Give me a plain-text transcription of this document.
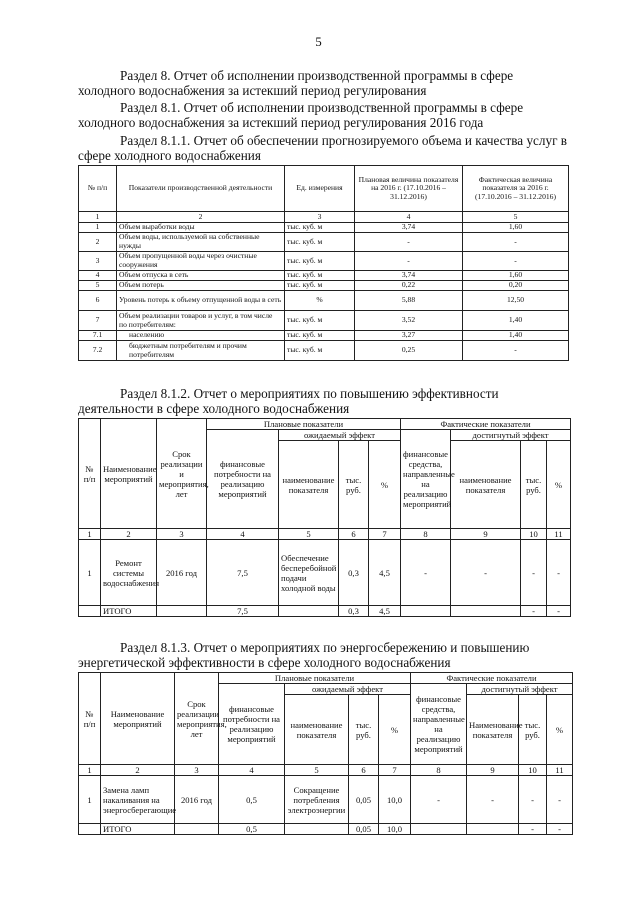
5
Раздел 8. Отчет об исполнении производственной программы в сфере холодного водоснабжения за истекший период регулирования
Раздел 8.1. Отчет об исполнении производственной программы в сфере холодного водоснабжения за истекший период регулирования 2016 года
Раздел 8.1.1. Отчет об обеспечении прогнозируемого объема и качества услуг в сфере холодного водоснабжения
№ п/п	Показатели производственной деятельности	Ед. измерения	Плановая величина показателя на 2016 г. (17.10.2016 – 31.12.2016)	Фактическая величина показателя за 2016 г. (17.10.2016 – 31.12.2016)
1	2	3	4	5
1	Объем выработки воды	тыс. куб. м	3,74	1,60
2	Объем воды, используемой на собственные нужды	тыс. куб. м	-	-
3	Объем пропущенной воды через очистные сооружения	тыс. куб. м	-	-
4	Объем отпуска в сеть	тыс. куб. м	3,74	1,60
5	Объем потерь	тыс. куб. м	0,22	0,20
6	Уровень потерь к объему отпущенной воды в сеть	%	5,88	12,50
7	Объем реализации товаров и услуг, в том числе по потребителям:	тыс. куб. м	3,52	1,40
7.1	населению	тыс. куб. м	3,27	1,40
7.2	бюджетным потребителям и прочим потребителям	тыс. куб. м	0,25	-
Раздел 8.1.2. Отчет о мероприятиях по повышению эффективности деятельности в сфере холодного водоснабжения
№ п/п	Наименование мероприятий	Срок реализации и мероприятия, лет	Плановые показатели				Фактические показатели			
			финансовые потребности на реализацию мероприятий	ожидаемый эффект			финансовые средства, направленные на реализацию мероприятий	достигнутый эффект		
				наименование показателя	тыс. руб.	%		наименование показателя	тыс. руб.	%
1	2	3	4	5	6	7	8	9	10	11
1	Ремонт системы водоснабжения	2016 год	7,5	Обеспечение бесперебойной подачи холодной воды	0,3	4,5	-	-	-	-
	ИТОГО		7,5		0,3	4,5			-	-
Раздел 8.1.3. Отчет о мероприятиях по энергосбережению и повышению энергетической эффективности в сфере холодного водоснабжения
№ п/п	Наименование мероприятий	Срок реализации мероприятия, лет	Плановые показатели				Фактические показатели			
			финансовые потребности на реализацию мероприятий	ожидаемый эффект			финансовые средства, направленные на реализацию мероприятий	достигнутый эффект		
				наименование показателя	тыс. руб.	%		Наименование показателя	тыс. руб.	%
1	2	3	4	5	6	7	8	9	10	11
1	Замена ламп накаливания на энергосберегающие	2016 год	0,5	Сокращение потребления электроэнергии	0,05	10,0	-	-	-	-
	ИТОГО		0,5		0,05	10,0			-	-
